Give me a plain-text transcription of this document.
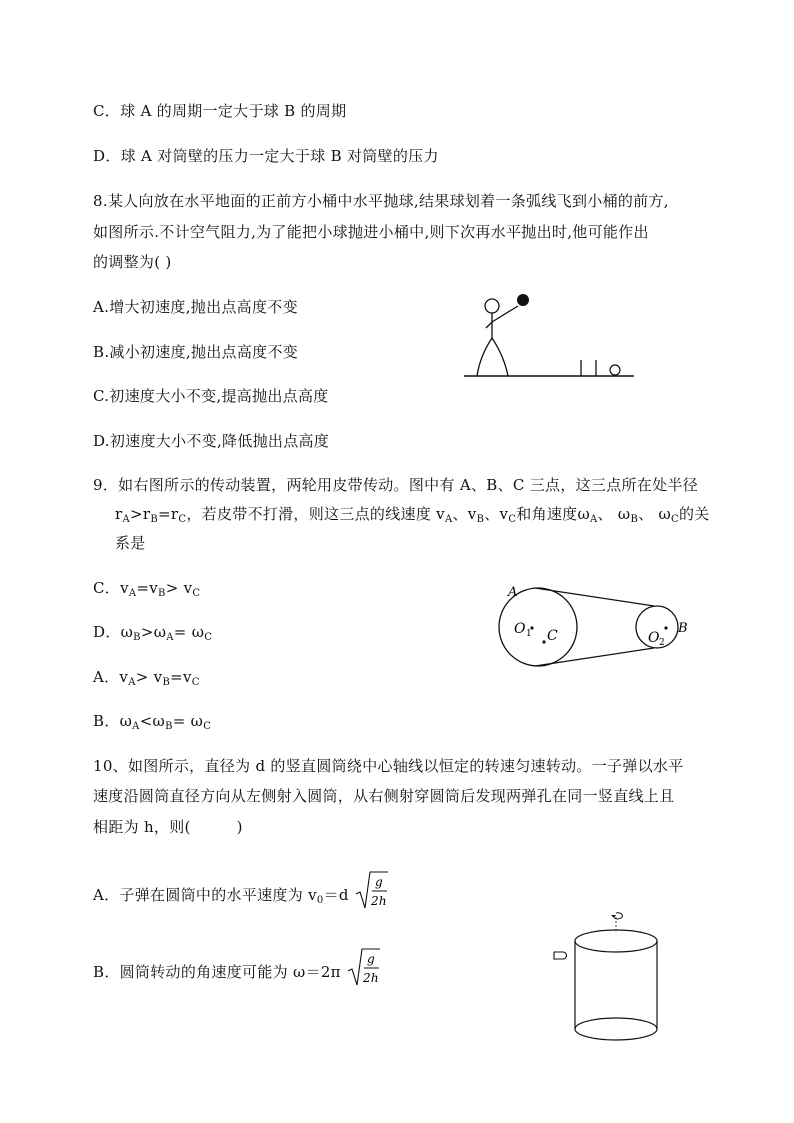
C．球 A 的周期一定大于球 B 的周期
D．球 A 对筒壁的压力一定大于球 B 对筒壁的压力
8.某人向放在水平地面的正前方小桶中水平抛球,结果球划着一条弧线飞到小桶的前方,
如图所示.不计空气阻力,为了能把小球抛进小桶中,则下次再水平抛出时,他可能作出
的调整为( )
A.增大初速度,抛出点高度不变
B.减小初速度,抛出点高度不变
C.初速度大小不变,提高抛出点高度
D.初速度大小不变,降低抛出点高度
9．如右图所示的传动装置，两轮用皮带传动。图中有 A、B、C 三点，这三点所在处半径
$r_A>r_B=r_C$，若皮带不打滑，则这三点的线速度 $v_A$、$v_B$、$v_C$和角速度$\omega_A$、 $\omega_B$、 $\omega_C$的关
系是
C．$v_A=v_B> v_C$
D．$\omega_B>\omega_A= \omega_C$
A．$v_A> v_B=v_C$
B．$\omega_A<\omega_B= \omega_C$
A
O 1 C	O 2
B
10、如图所示，直径为 d 的竖直圆筒绕中心轴线以恒定的转速匀速转动。一子弹以水平
速度沿圆筒直径方向从左侧射入圆筒，从右侧射穿圆筒后发现两弹孔在同一竖直线上且
相距为 h，则(　　　)
A．子弹在圆筒中的水平速度为 $v_0=d$
g
2h
B．圆筒转动的角速度可能为 ω＝2π
g
2h
